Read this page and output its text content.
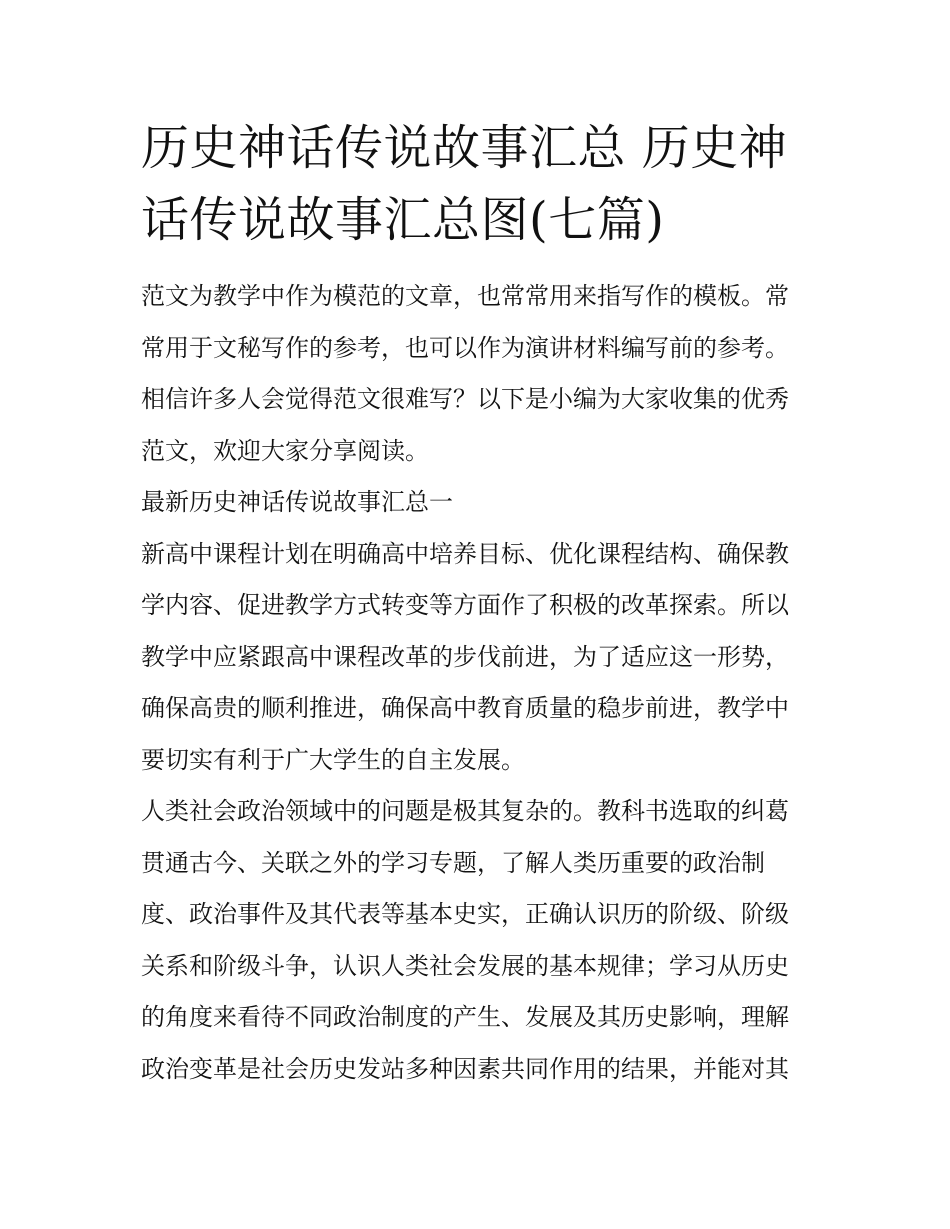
历史神话传说故事汇总 历史神
话传说故事汇总图(七篇)

范文为教学中作为模范的文章，也常常用来指写作的模板。常
常用于文秘写作的参考，也可以作为演讲材料编写前的参考。
相信许多人会觉得范文很难写？以下是小编为大家收集的优秀
范文，欢迎大家分享阅读。

最新历史神话传说故事汇总一

新高中课程计划在明确高中培养目标、优化课程结构、确保教
学内容、促进教学方式转变等方面作了积极的改革探索。所以
教学中应紧跟高中课程改革的步伐前进，为了适应这一形势，
确保高贵的顺利推进，确保高中教育质量的稳步前进，教学中
要切实有利于广大学生的自主发展。

人类社会政治领域中的问题是极其复杂的。教科书选取的纠葛
贯通古今、关联之外的学习专题，了解人类历重要的政治制
度、政治事件及其代表等基本史实，正确认识历的阶级、阶级
关系和阶级斗争，认识人类社会发展的基本规律；学习从历史
的角度来看待不同政治制度的产生、发展及其历史影响，理解
政治变革是社会历史发站多种因素共同作用的结果，并能对其
